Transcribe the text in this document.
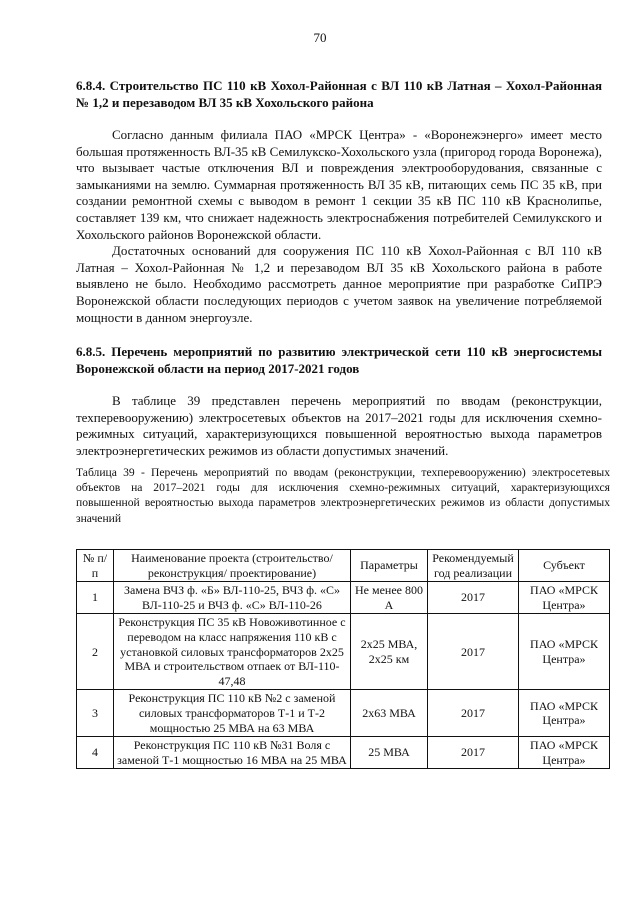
70
6.8.4. Строительство ПС 110 кВ Хохол-Районная с ВЛ 110 кВ Латная – Хохол-Районная № 1,2 и перезаводом ВЛ 35 кВ Хохольского района

Согласно данным филиала ПАО «МРСК Центра» - «Воронежэнерго» имеет место большая протяженность ВЛ-35 кВ Семилукско-Хохольского узла (пригород города Воронежа), что вызывает частые отключения ВЛ и повреждения электрооборудования, связанные с замыканиями на землю. Суммарная протяженность ВЛ 35 кВ, питающих семь ПС 35 кВ, при создании ремонтной схемы с выводом в ремонт 1 секции 35 кВ ПС 110 кВ Краснолипье, составляет 139 км, что снижает надежность электроснабжения потребителей Семилукского и Хохольского районов Воронежской области.

Достаточных оснований для сооружения ПС 110 кВ Хохол-Районная с ВЛ 110 кВ Латная – Хохол-Районная № 1,2 и перезаводом ВЛ 35 кВ Хохольского района в работе выявлено не было. Необходимо рассмотреть данное мероприятие при разработке СиПРЭ Воронежской области последующих периодов с учетом заявок на увеличение потребляемой мощности в данном энергоузле.

6.8.5. Перечень мероприятий по развитию электрической сети 110 кВ энергосистемы Воронежской области на период 2017-2021 годов

В таблице 39 представлен перечень мероприятий по вводам (реконструкции, техперевооружению) электросетевых объектов на 2017–2021 годы для исключения схемно-режимных ситуаций, характеризующихся повышенной вероятностью выхода параметров электроэнергетических режимов из области допустимых значений.

Таблица 39 - Перечень мероприятий по вводам (реконструкции, техперевооружению) электросетевых объектов на 2017–2021 годы для исключения схемно-режимных ситуаций, характеризующихся повышенной вероятностью выхода параметров электроэнергетических режимов из области допустимых значений

№ п/п	Наименование проекта (строительство/реконструкция/ проектирование)	Параметры	Рекомендуемый год реализации	Субъект
1	Замена ВЧЗ ф. «Б» ВЛ-110-25, ВЧЗ ф. «С» ВЛ-110-25 и ВЧЗ ф. «С» ВЛ-110-26	Не менее 800 А	2017	ПАО «МРСК Центра»
2	Реконструкция ПС 35 кВ Новоживотинное с переводом на класс напряжения 110 кВ с установкой силовых трансформаторов 2х25 МВА и строительством отпаек от ВЛ-110-47,48	2х25 МВА, 2х25 км	2017	ПАО «МРСК Центра»
3	Реконструкция ПС 110 кВ №2 с заменой силовых трансформаторов Т-1 и Т-2 мощностью 25 МВА на 63 МВА	2х63 МВА	2017	ПАО «МРСК Центра»
4	Реконструкция ПС 110 кВ №31 Воля с заменой Т-1 мощностью 16 МВА на 25 МВА	25 МВА	2017	ПАО «МРСК Центра»
